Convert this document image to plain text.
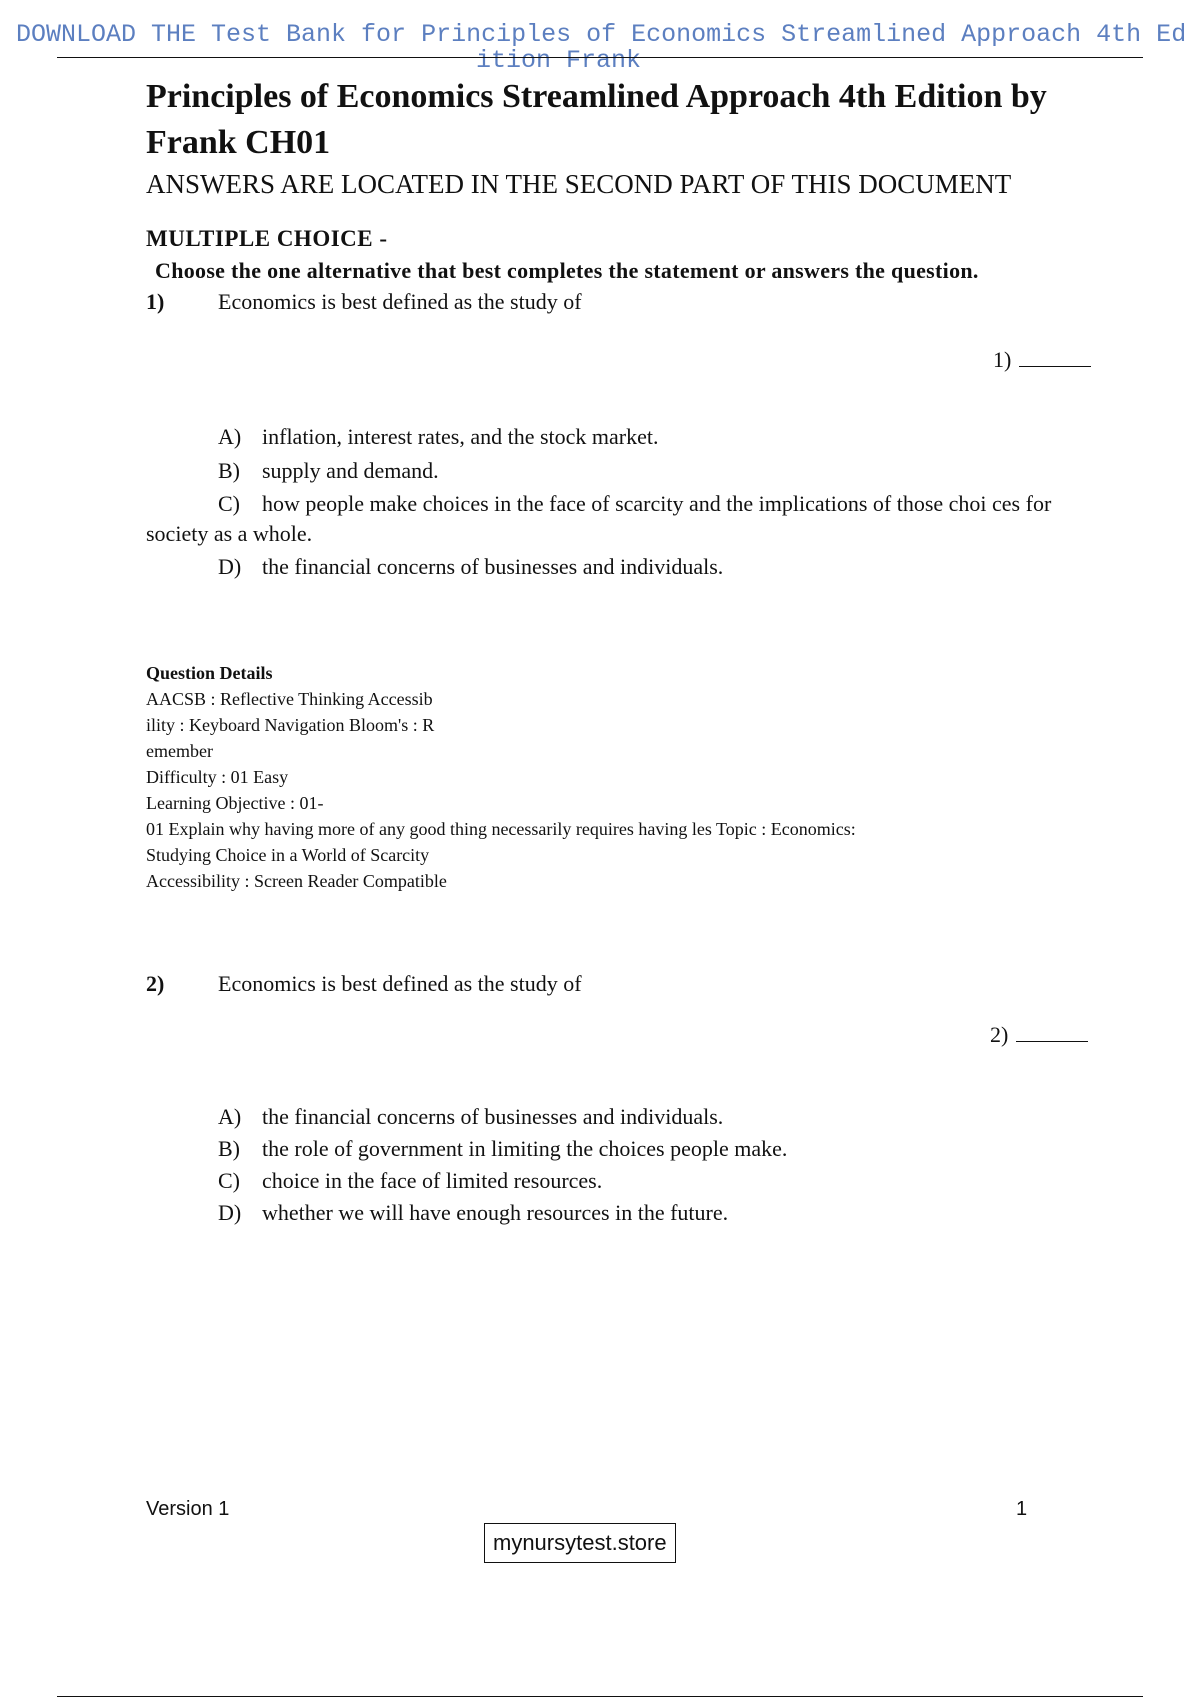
DOWNLOAD THE Test Bank for Principles of Economics Streamlined Approach 4th Ed
ition Frank
Principles of Economics Streamlined Approach 4th Edition by Frank CH01
ANSWERS ARE LOCATED IN THE SECOND PART OF THIS DOCUMENT
MULTIPLE CHOICE -
Choose the one alternative that best completes the statement or answers the question.
1) Economics is best defined as the study of
1)
A) inflation, interest rates, and the stock market.
B) supply and demand.
C) how people make choices in the face of scarcity and the implications of those choi ces for society as a whole.
D) the financial concerns of businesses and individuals.
Question Details
AACSB : Reflective Thinking Accessib
ility : Keyboard Navigation Bloom's : R
emember
Difficulty : 01 Easy
Learning Objective : 01-
01 Explain why having more of any good thing necessarily requires having les Topic : Economics:
Studying Choice in a World of Scarcity
Accessibility : Screen Reader Compatible
2) Economics is best defined as the study of
2)
A) the financial concerns of businesses and individuals.
B) the role of government in limiting the choices people make.
C) choice in the face of limited resources.
D) whether we will have enough resources in the future.
Version 1	1
mynursytest.store
